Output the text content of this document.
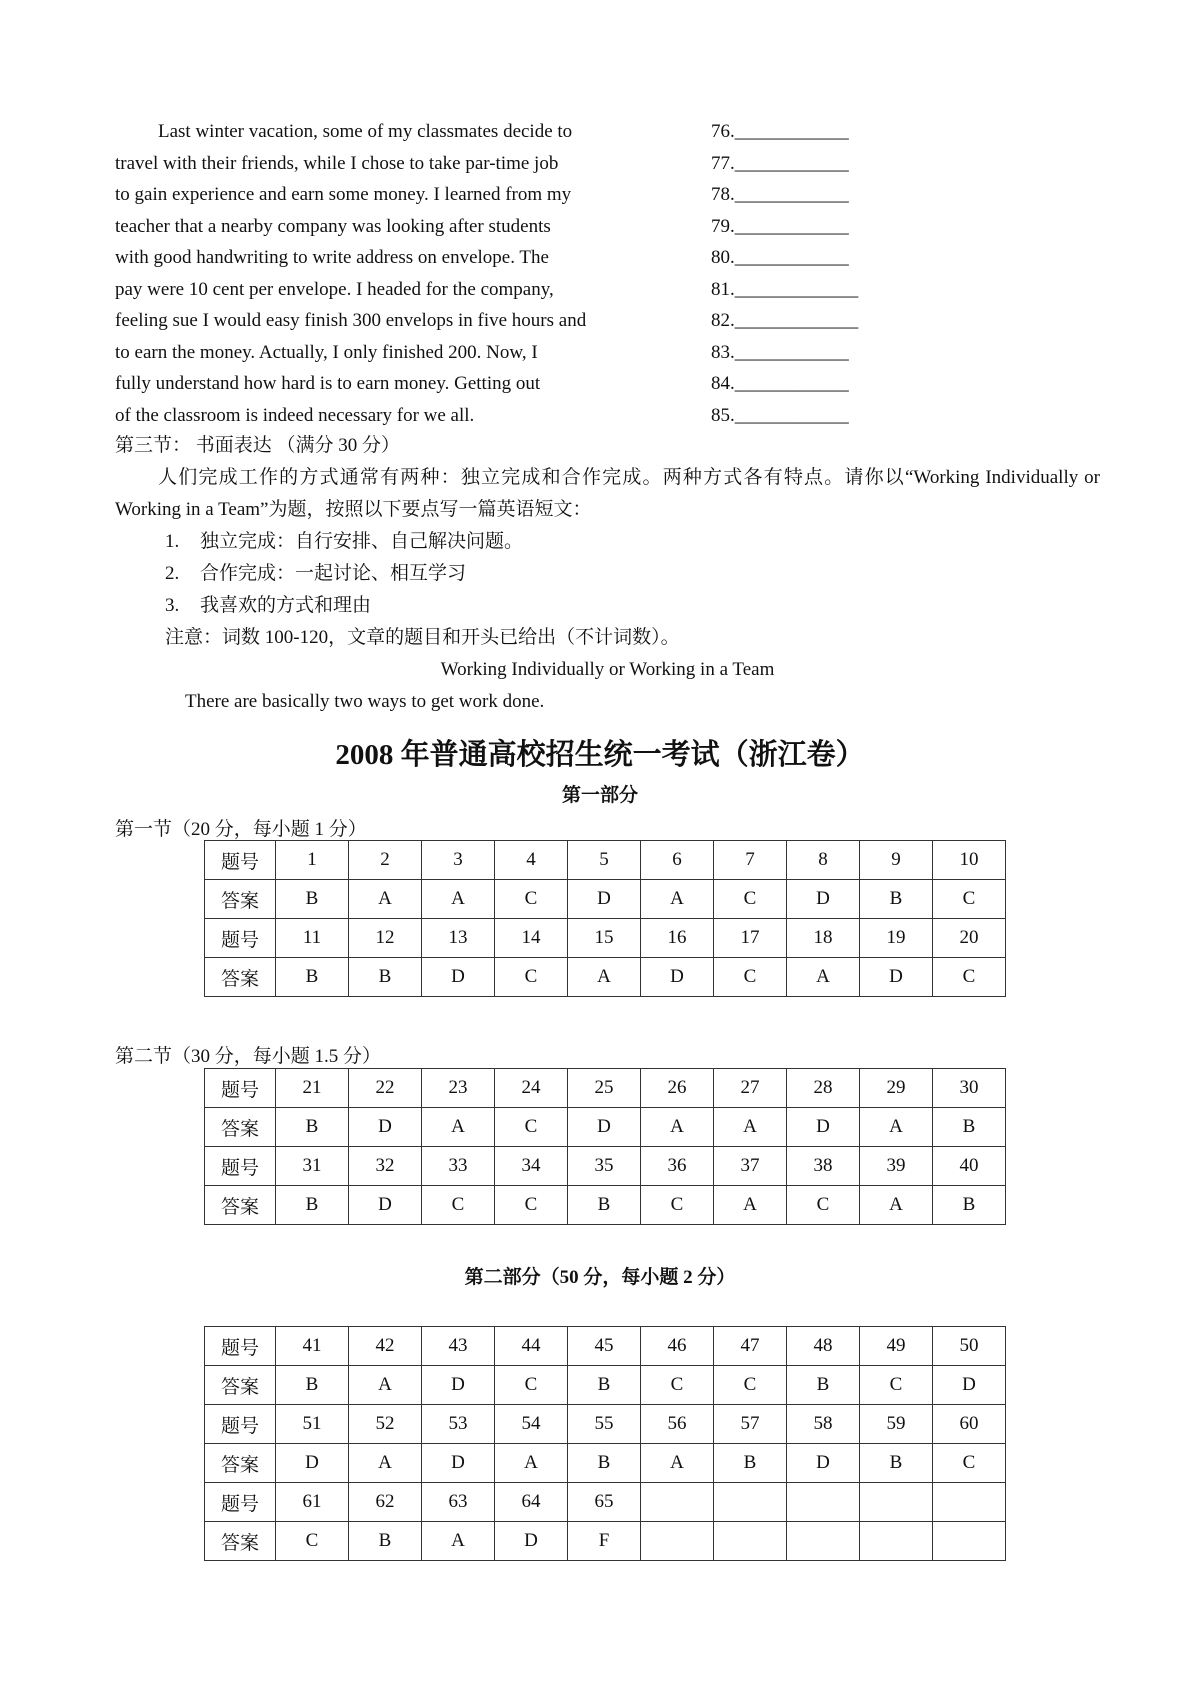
Last winter vacation, some of my classmates decide to	76.____________
travel with their friends, while I chose to take par-time job	77.____________
to gain experience and earn some money. I learned from my	78.____________
teacher that a nearby company was looking after students	79.____________
with good handwriting to write address on envelope. The	80.____________
pay were 10 cent per envelope. I headed for the company,	81._____________
feeling sue I would easy finish 300 envelops in five hours and	82._____________
to earn the money. Actually, I only finished 200. Now, I	83.____________
fully understand how hard is to earn money. Getting out	84.____________
of the classroom is indeed necessary for we all.	85.____________
第三节： 书面表达 （满分 30 分）

人们完成工作的方式通常有两种：独立完成和合作完成。两种方式各有特点。请你以“Working Individually or Working in a Team”为题，按照以下要点写一篇英语短文：

1. 独立完成：自行安排、自己解决问题。

2. 合作完成：一起讨论、相互学习

3. 我喜欢的方式和理由

注意：词数 100-120，文章的题目和开头已给出（不计词数）。

Working Individually or Working in a Team

There are basically two ways to get work done.

2008 年普通高校招生统一考试（浙江卷）
第一部分
第一节（20 分，每小题 1 分）
题号	1	2	3	4	5	6	7	8	9	10
答案	B	A	A	C	D	A	C	D	B	C
题号	11	12	13	14	15	16	17	18	19	20
答案	B	B	D	C	A	D	C	A	D	C
第二节（30 分，每小题 1.5 分）
题号	21	22	23	24	25	26	27	28	29	30
答案	B	D	A	C	D	A	A	D	A	B
题号	31	32	33	34	35	36	37	38	39	40
答案	B	D	C	C	B	C	A	C	A	B
第二部分（50 分，每小题 2 分）
题号	41	42	43	44	45	46	47	48	49	50
答案	B	A	D	C	B	C	C	B	C	D
题号	51	52	53	54	55	56	57	58	59	60
答案	D	A	D	A	B	A	B	D	B	C
题号	61	62	63	64	65					
答案	C	B	A	D	F					
